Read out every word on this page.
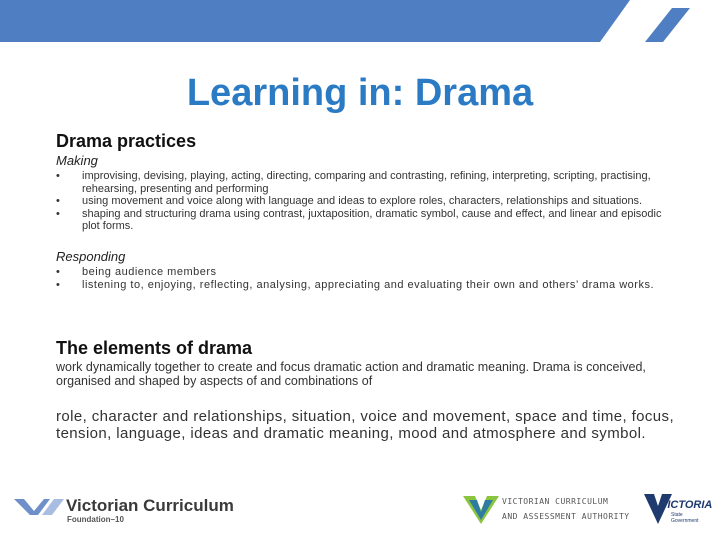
Learning in: Drama
Drama practices
Making
• improvising, devising, playing, acting, directing, comparing and contrasting, refining, interpreting, scripting, practising, rehearsing, presenting and performing
• using movement and voice along with language and ideas to explore roles, characters, relationships and situations.
• shaping and structuring drama using contrast, juxtaposition, dramatic symbol, cause and effect, and linear and episodic plot forms.
Responding
• being audience members
• listening to, enjoying, reflecting, analysing, appreciating and evaluating their own and others’ drama works.
The elements of drama
work dynamically together to create and focus dramatic action and dramatic meaning. Drama is conceived, organised and shaped by aspects of and combinations of
role, character and relationships, situation, voice and movement, space and time, focus, tension, language, ideas and dramatic meaning, mood and atmosphere and symbol.
Victorian Curriculum
Foundation–10
VICTORIAN CURRICULUM
AND ASSESSMENT AUTHORITY
VICTORIA
State
Government
